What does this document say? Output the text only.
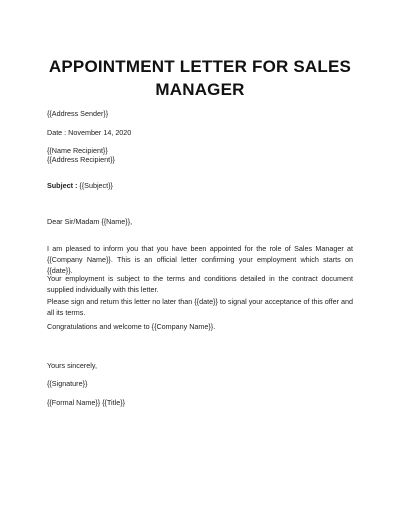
APPOINTMENT LETTER FOR SALES
MANAGER
{{Address Sender}}
Date : November 14, 2020
{{Name Recipient}}
{{Address Recipient}}
Subject : {{Subject}}
Dear Sir/Madam {{Name}},
I am pleased to inform you that you have been appointed for the role of Sales Manager at {{Company Name}}. This is an official letter confirming your employment which starts on {{date}}.
Your employment is subject to the terms and conditions detailed in the contract document supplied individually with this letter.
Please sign and return this letter no later than {{date}} to signal your acceptance of this offer and all its terms.
Congratulations and welcome to {{Company Name}}.
Yours sincerely,
{{Signature}}
{{Formal Name}} {{Title}}
